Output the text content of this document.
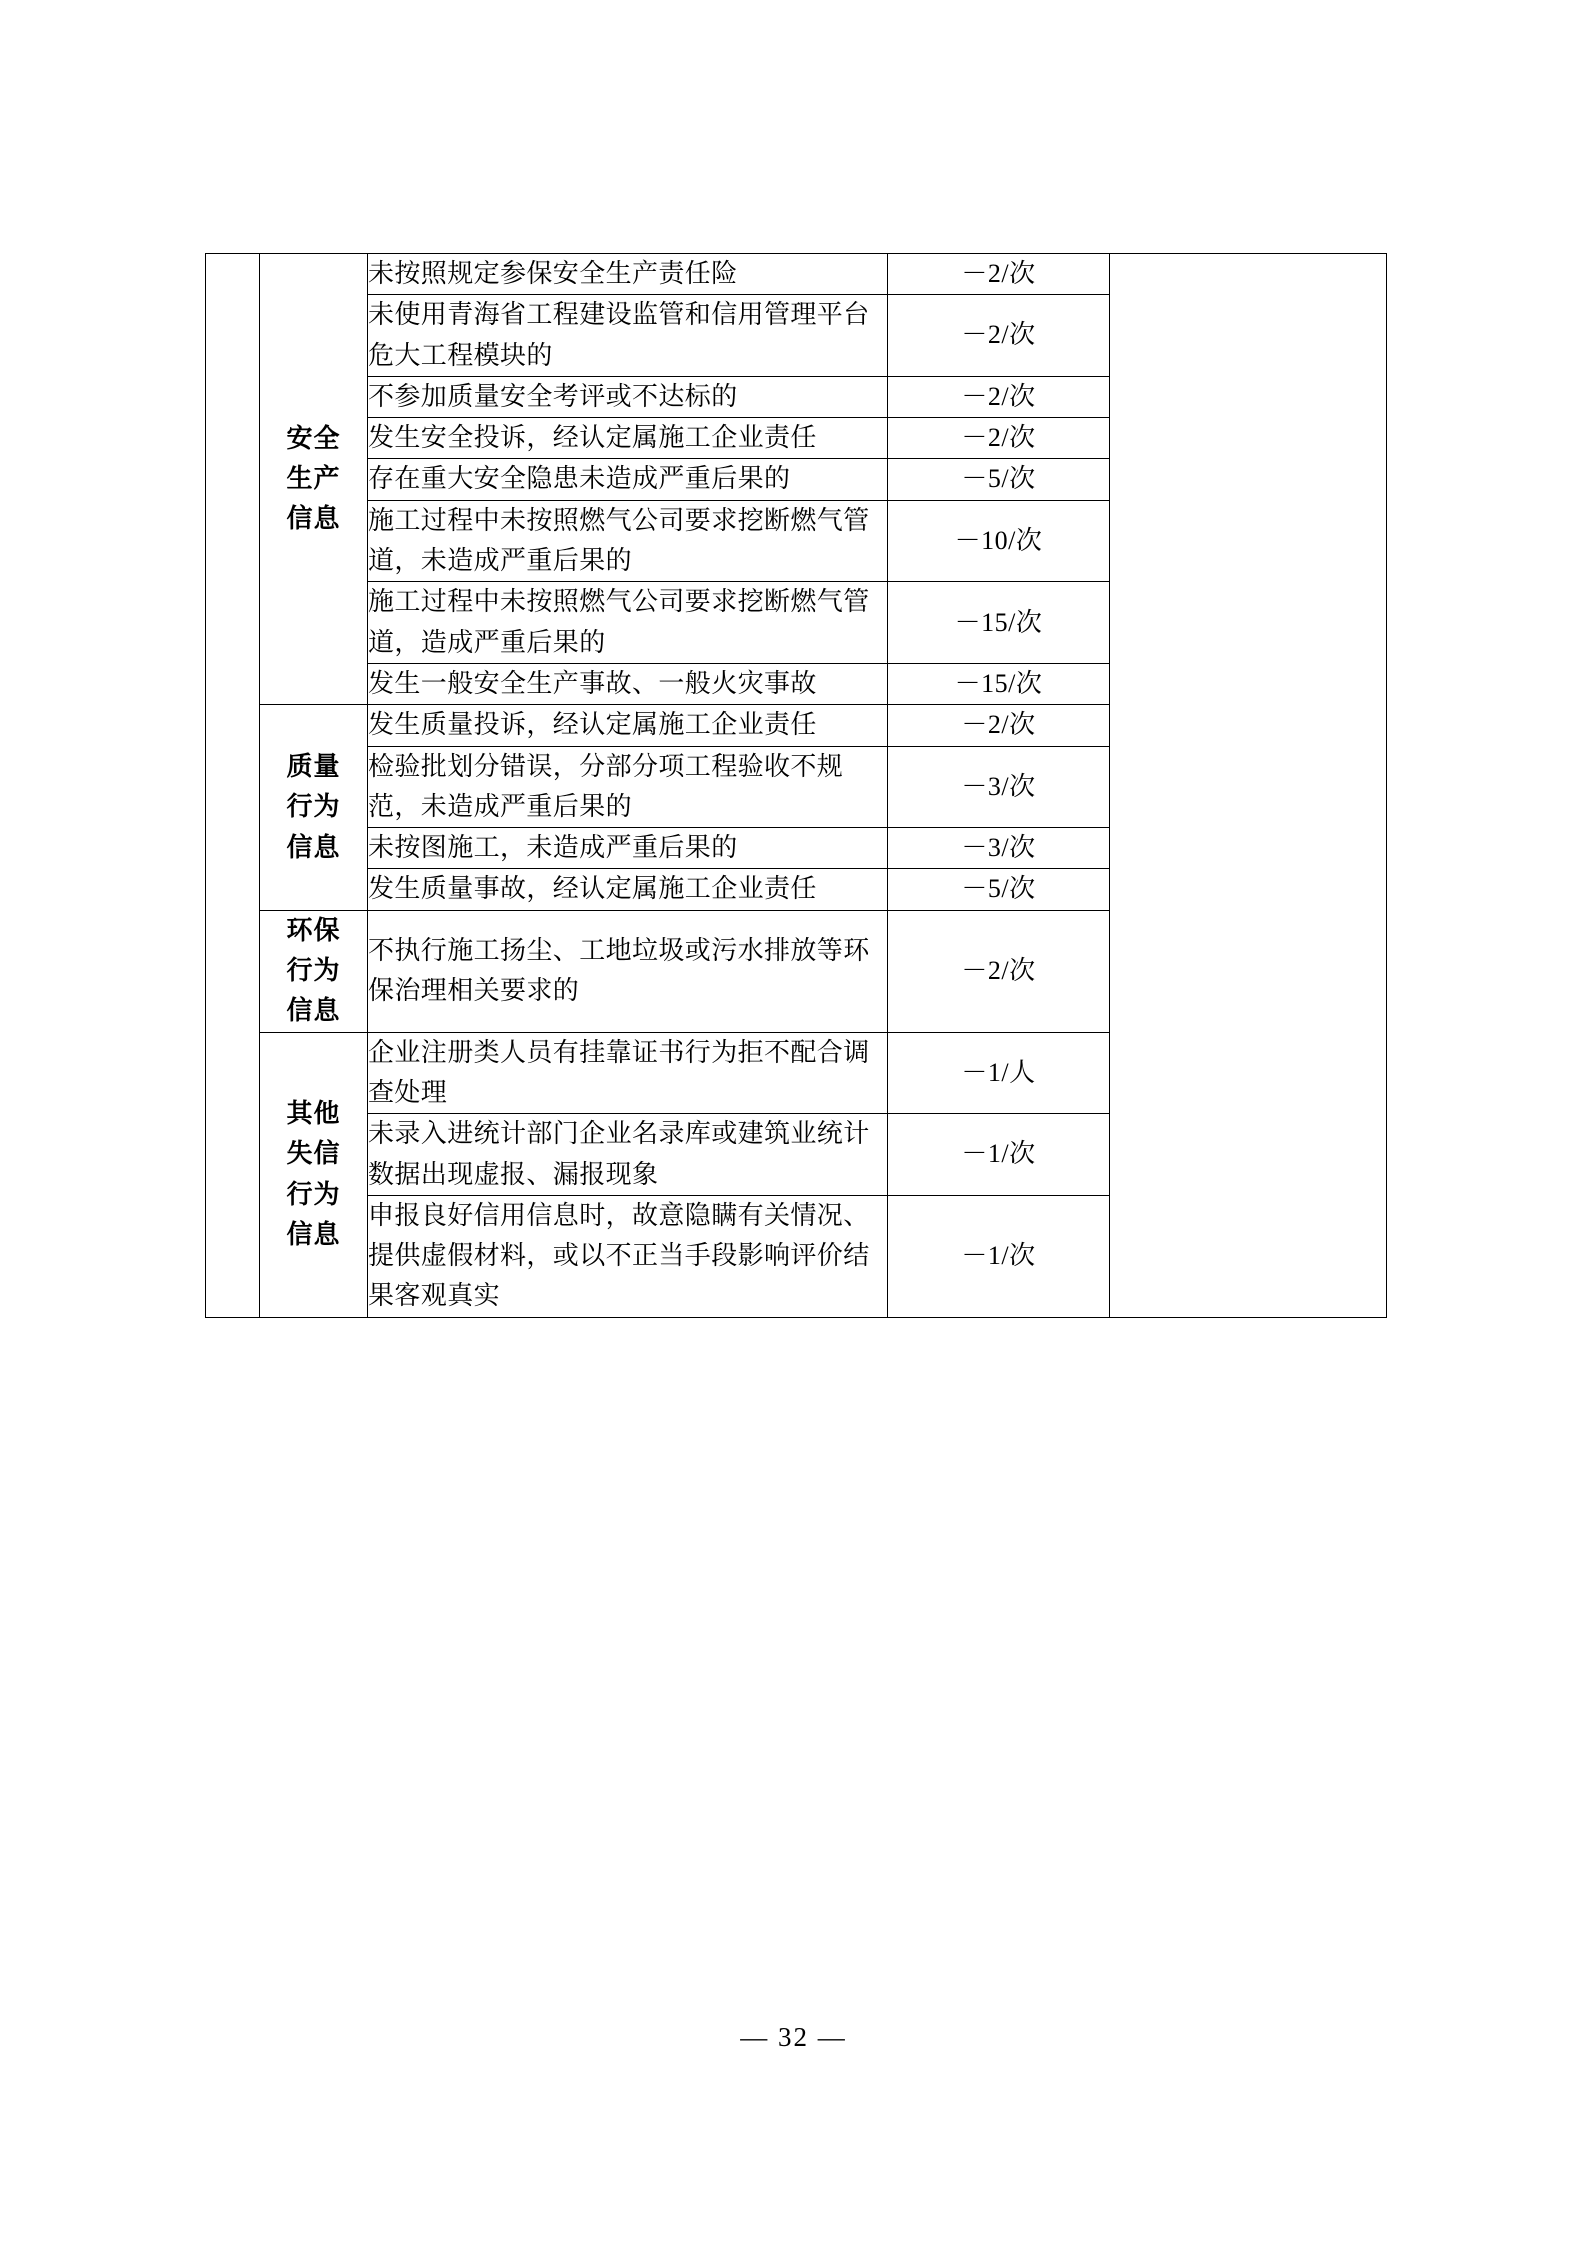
	安全
生产
信息	未按照规定参保安全生产责任险	－2/次	
		未使用青海省工程建设监管和信用管理平台危大工程模块的	－2/次	
		不参加质量安全考评或不达标的	－2/次	
		发生安全投诉，经认定属施工企业责任	－2/次	
		存在重大安全隐患未造成严重后果的	－5/次	
		施工过程中未按照燃气公司要求挖断燃气管道，未造成严重后果的	－10/次	
		施工过程中未按照燃气公司要求挖断燃气管道，造成严重后果的	－15/次	
		发生一般安全生产事故、一般火灾事故	－15/次	

	质量
行为
信息	发生质量投诉，经认定属施工企业责任	－2/次	
		检验批划分错误，分部分项工程验收不规范，未造成严重后果的	－3/次	
		未按图施工，未造成严重后果的	－3/次	
		发生质量事故，经认定属施工企业责任	－5/次	

	环保
行为
信息	不执行施工扬尘、工地垃圾或污水排放等环保治理相关要求的	－2/次	

	其他
失信
行为
信息	企业注册类人员有挂靠证书行为拒不配合调查处理	－1/人	
		未录入进统计部门企业名录库或建筑业统计数据出现虚报、漏报现象	－1/次	
		申报良好信用信息时，故意隐瞒有关情况、提供虚假材料，或以不正当手段影响评价结果客观真实	－1/次	
— 32 —
